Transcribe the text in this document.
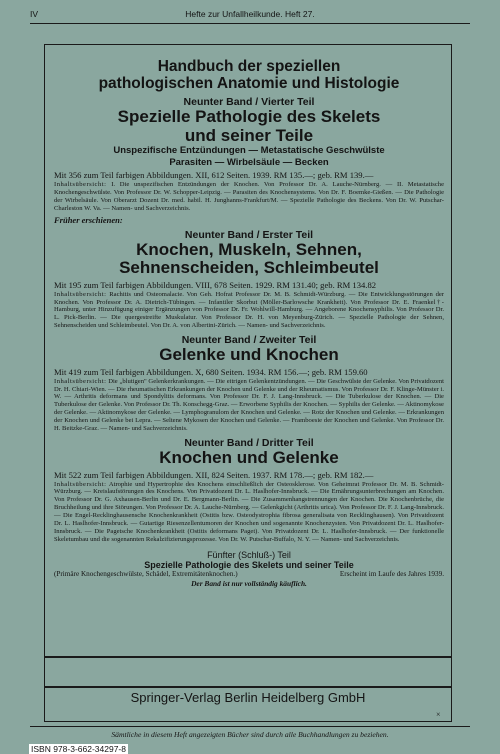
IV	Hefte zur Unfallheilkunde. Heft 27.
Handbuch der speziellen
pathologischen Anatomie und Histologie
Neunter Band / Vierter Teil
Spezielle Pathologie des Skelets
und seiner Teile
Unspezifische Entzündungen — Metastatische Geschwülste
Parasiten — Wirbelsäule — Becken
Mit 356 zum Teil farbigen Abbildungen. XII, 612 Seiten. 1939. RM 135.—; geb. RM 139.—
Inhaltsübersicht: I. Die unspezifischen Entzündungen der Knochen. Von Professor Dr. A. Lauche-Nürnberg. — II. Metastatische Knochengeschwülste. Von Professor Dr. W. Schopper-Leipzig. — Parasiten des Knochensystems. Von Dr. F. Boemke-Gießen. — Die Pathologie der Wirbelsäule. Von Oberarzt Dozent Dr. med. habil. H. Junghanns-Frankfurt/M. — Spezielle Pathologie des Beckens. Von Dr. W. Putschar-Charleston W. Va. — Namen- und Sachverzeichnis.
Früher erschienen:
Neunter Band / Erster Teil
Knochen, Muskeln, Sehnen,
Sehnenscheiden, Schleimbeutel
Mit 195 zum Teil farbigen Abbildungen. VIII, 678 Seiten. 1929. RM 131.40; geb. RM 134.82
Inhaltsübersicht: Rachitis und Osteomalacie. Von Geh. Hofrat Professor Dr. M. B. Schmidt-Würzburg. — Die Entwicklungsstörungen der Knochen. Von Professor Dr. A. Dietrich-Tübingen. — Infantiler Skorbut (Möller-Barlowsche Krankheit). Von Professor Dr. E. Fraenkel†-Hamburg, unter Hinzufügung einiger Ergänzungen von Professor Dr. Fr. Wohlwill-Hamburg. — Angeborene Knochensyphilis. Von Professor Dr. L. Pick-Berlin. — Die quergestreifte Muskulatur. Von Professor Dr. H. von Meyenburg-Zürich. — Spezielle Pathologie der Sehnen, Sehnenscheiden und Schleimbeutel. Von Dr. A. von Albertini-Zürich. — Namen- und Sachverzeichnis.
Neunter Band / Zweiter Teil
Gelenke und Knochen
Mit 419 zum Teil farbigen Abbildungen. X, 680 Seiten. 1934. RM 156.—; geb. RM 159.60
Inhaltsübersicht: Die „blutigen" Gelenkerkrankungen. — Die eitrigen Gelenkentzündungen. — Die Geschwülste der Gelenke. Von Privatdozent Dr. H. Chiari-Wien. — Die rheumatischen Erkrankungen der Knochen und Gelenke und der Rheumatismus. Von Professor Dr. F. Klinge-Münster i. W. — Arthritis deformans und Spondylitis deformans. Von Professor Dr. F. J. Lang-Innsbruck. — Die Tuberkulose der Knochen. — Die Tuberkulose der Gelenke. Von Professor Dr. Th. Konschegg-Graz. — Erworbene Syphilis der Knochen. — Syphilis der Gelenke. — Aktinomykose der Gelenke. — Aktinomykose der Gelenke. — Lymphogranulom der Knochen und Gelenke. — Rotz der Knochen und Gelenke. — Erkrankungen der Knochen und Gelenke bei Lepra. — Seltene Mykosen der Knochen und Gelenke. — Framboesie der Knochen und Gelenke. Von Professor Dr. H. Beitzke-Graz. — Namen- und Sachverzeichnis.
Neunter Band / Dritter Teil
Knochen und Gelenke
Mit 522 zum Teil farbigen Abbildungen. XII, 824 Seiten. 1937. RM 178.—; geb. RM 182.—
Inhaltsübersicht: Atrophie und Hypertrophie des Knochens einschließlich der Osteosklerose. Von Geheimrat Professor Dr. M. B. Schmidt-Würzburg. — Kreislaufstörungen des Knochens. Von Privatdozent Dr. L. Haslhofer-Innsbruck. — Die Ernährungsunterbrechungen am Knochen. Von Professor Dr. G. Axhausen-Berlin und Dr. E. Bergmann-Berlin. — Die Zusammenhangstrennungen der Knochen. Die Knochenbrüche, die Bruchheilung und ihre Störungen. Von Professor Dr. A. Lauche-Nürnberg. — Gelenkgicht (Arthritis urica). Von Professor Dr. F. J. Lang-Innsbruck. — Die Engel-Recklinghausensche Knochenkrankheit (Ostitis bzw. Osteodystrophia fibrosa generalisata von Recklinghausen). Von Privatdozent Dr. L. Haslhofer-Innsbruck. — Gutartige Riesenzellentumoren der Knochen und sogenannte Knochenzysten. Von Privatdozent Dr. L. Haslhofer-Innsbruck. — Die Pagetsche Knochenkrankheit (Ostitis deformans Paget). Von Privatdozent Dr. L. Haslhofer-Innsbruck. — Der funktionelle Skeletumbau und die sogenannten Rekalzifizierungsprozesse. Von Dr. W. Putschar-Buffalo, N. Y. — Namen- und Sachverzeichnis.
Fünfter (Schluß-) Teil
Spezielle Pathologie des Skelets und seiner Teile
(Primäre Knochengeschwülste, Schädel, Extremitätenknochen.)	Erscheint im Laufe des Jahres 1939.
Der Band ist nur vollständig käuflich.
Springer-Verlag Berlin Heidelberg GmbH
×
Sämtliche in diesem Heft angezeigten Bücher sind durch alle Buchhandlungen zu beziehen.
ISBN 978-3-662-34297-8
